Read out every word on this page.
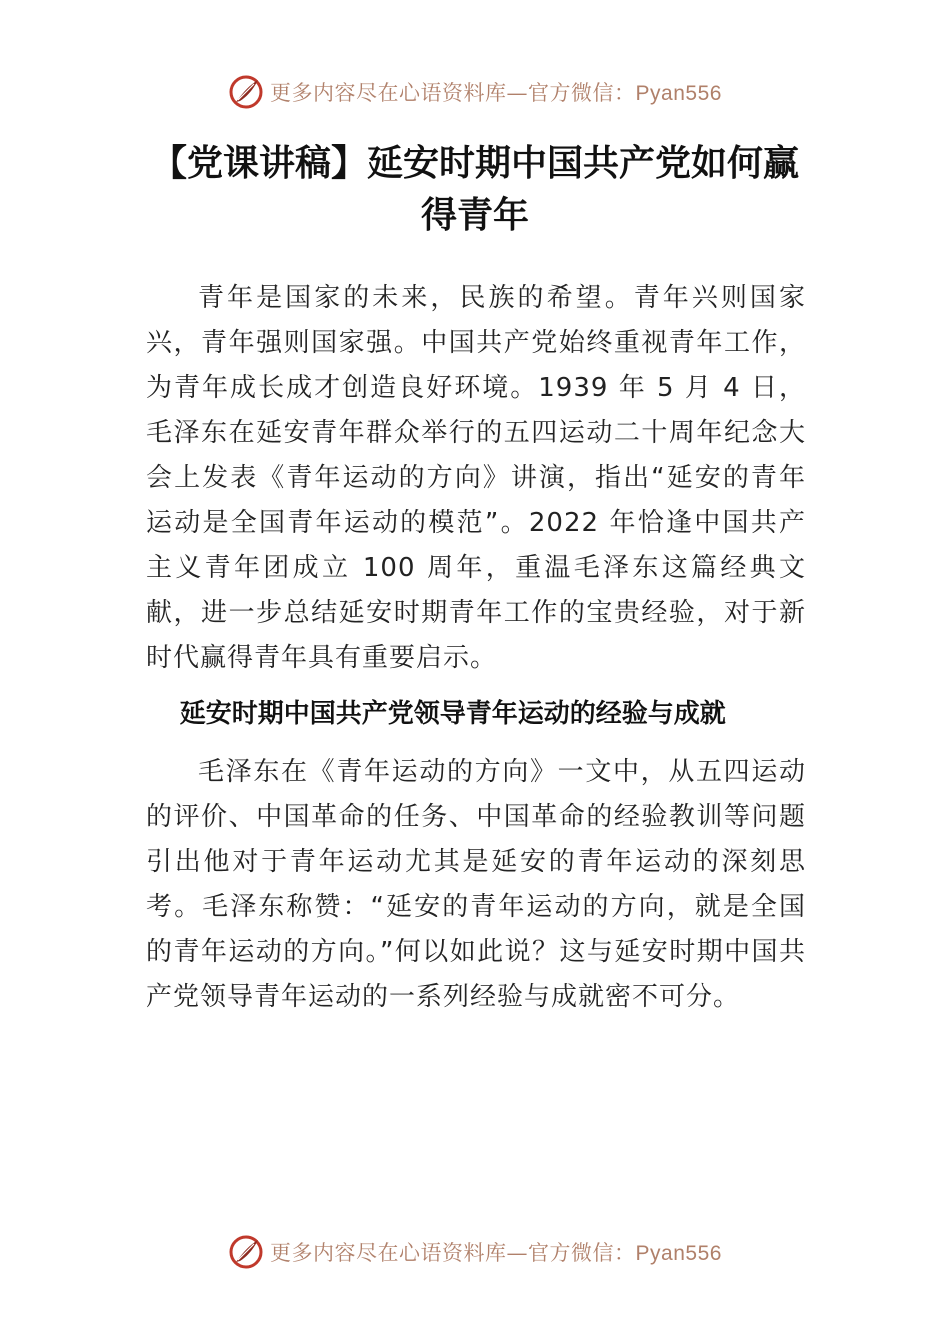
更多内容尽在心语资料库—官方微信：Pyan556
【党课讲稿】延安时期中国共产党如何赢得青年

青年是国家的未来，民族的希望。青年兴则国家兴，青年强则国家强。中国共产党始终重视青年工作，为青年成长成才创造良好环境。1939 年 5 月 4 日，毛泽东在延安青年群众举行的五四运动二十周年纪念大会上发表《青年运动的方向》讲演，指出“延安的青年运动是全国青年运动的模范”。2022 年恰逢中国共产主义青年团成立 100 周年，重温毛泽东这篇经典文献，进一步总结延安时期青年工作的宝贵经验，对于新时代赢得青年具有重要启示。

延安时期中国共产党领导青年运动的经验与成就

毛泽东在《青年运动的方向》一文中，从五四运动的评价、中国革命的任务、中国革命的经验教训等问题引出他对于青年运动尤其是延安的青年运动的深刻思考。毛泽东称赞：“延安的青年运动的方向，就是全国的青年运动的方向。”何以如此说？这与延安时期中国共产党领导青年运动的一系列经验与成就密不可分。

更多内容尽在心语资料库—官方微信：Pyan556
